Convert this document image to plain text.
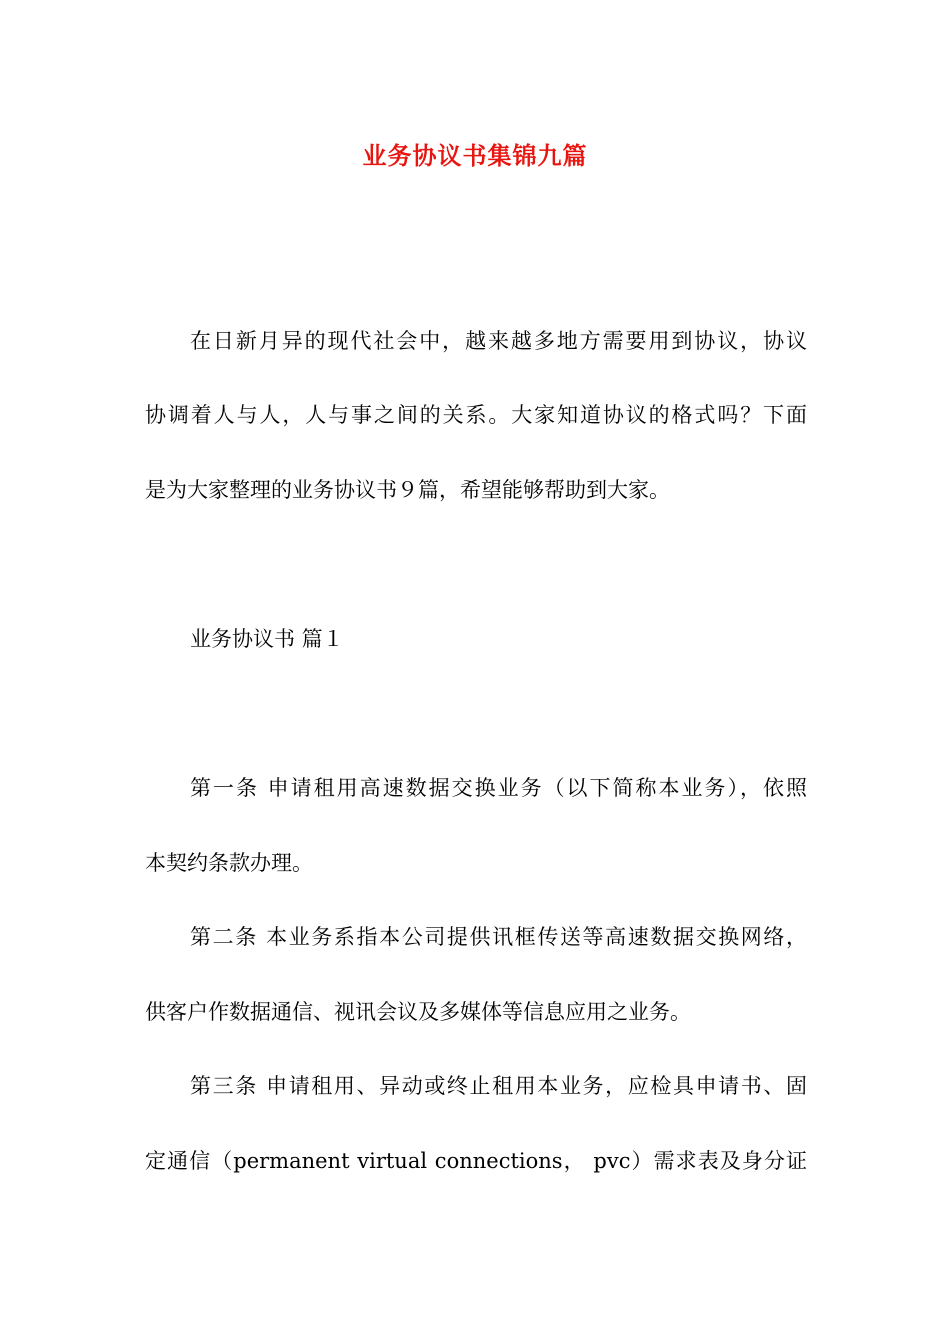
业务协议书集锦九篇
在日新月异的现代社会中，越来越多地方需要用到协议，协议
协调着人与人，人与事之间的关系。大家知道协议的格式吗？下面
是为大家整理的业务协议书９篇，希望能够帮助到大家。
业务协议书 篇１
第一条 申请租用高速数据交换业务（以下简称本业务），依照
本契约条款办理。
第二条 本业务系指本公司提供讯框传送等高速数据交换网络，
供客户作数据通信、视讯会议及多媒体等信息应用之业务。
第三条 申请租用、异动或终止租用本业务，应检具申请书、固
定通信（permanent virtual connections， pvc）需求表及身分证
